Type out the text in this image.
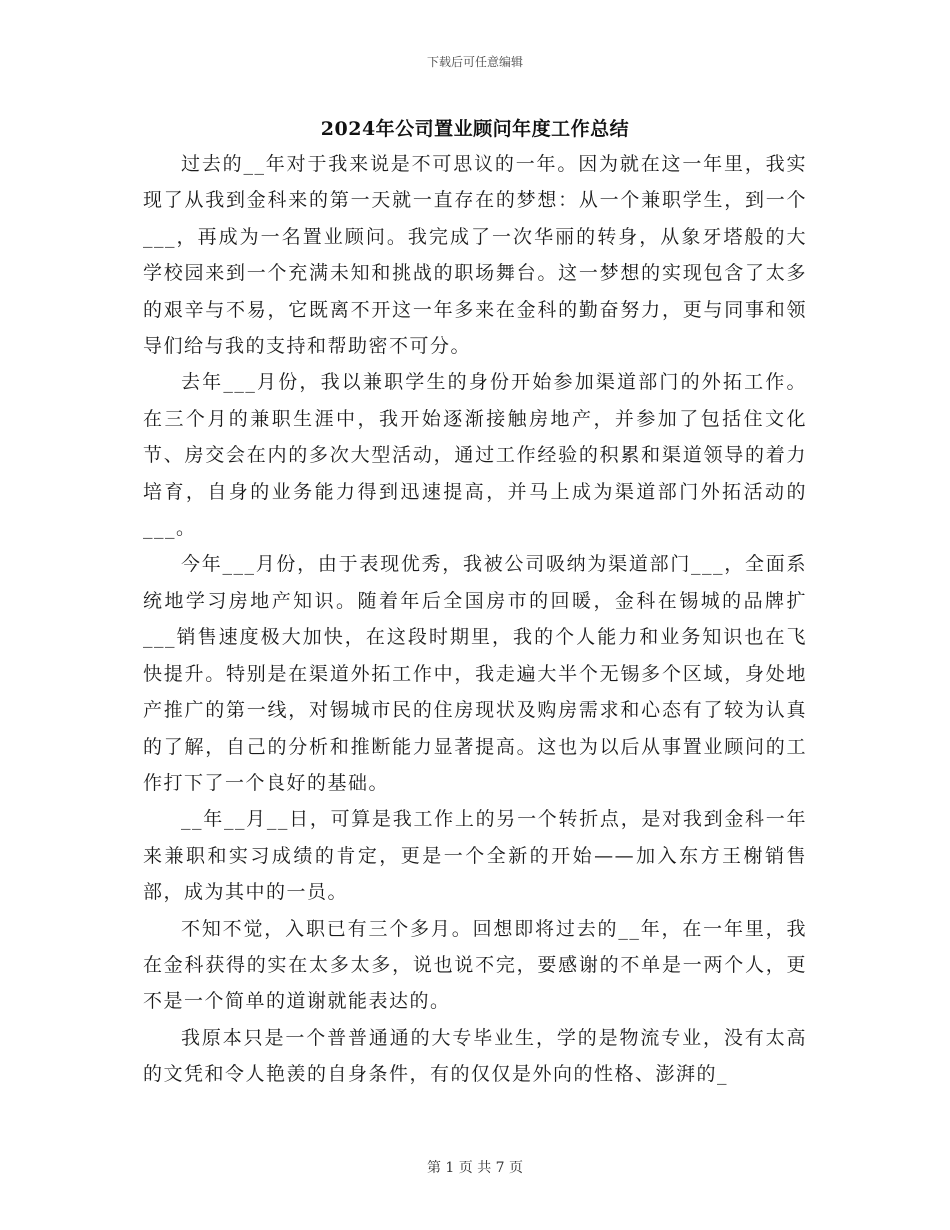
下载后可任意编辑
2024年公司置业顾问年度工作总结

过去的__年对于我来说是不可思议的一年。因为就在这一年里，我实现了从我到金科来的第一天就一直存在的梦想：从一个兼职学生，到一个___，再成为一名置业顾问。我完成了一次华丽的转身，从象牙塔般的大学校园来到一个充满未知和挑战的职场舞台。这一梦想的实现包含了太多的艰辛与不易，它既离不开这一年多来在金科的勤奋努力，更与同事和领导们给与我的支持和帮助密不可分。

去年___月份，我以兼职学生的身份开始参加渠道部门的外拓工作。在三个月的兼职生涯中，我开始逐渐接触房地产，并参加了包括住文化节、房交会在内的多次大型活动，通过工作经验的积累和渠道领导的着力培育，自身的业务能力得到迅速提高，并马上成为渠道部门外拓活动的___。

今年___月份，由于表现优秀，我被公司吸纳为渠道部门___，全面系统地学习房地产知识。随着年后全国房市的回暖，金科在锡城的品牌扩___销售速度极大加快，在这段时期里，我的个人能力和业务知识也在飞快提升。特别是在渠道外拓工作中，我走遍大半个无锡多个区域，身处地产推广的第一线，对锡城市民的住房现状及购房需求和心态有了较为认真的了解，自己的分析和推断能力显著提高。这也为以后从事置业顾问的工作打下了一个良好的基础。

__年__月__日，可算是我工作上的另一个转折点，是对我到金科一年来兼职和实习成绩的肯定，更是一个全新的开始——加入东方王榭销售部，成为其中的一员。

不知不觉，入职已有三个多月。回想即将过去的__年，在一年里，我在金科获得的实在太多太多，说也说不完，要感谢的不单是一两个人，更不是一个简单的道谢就能表达的。

我原本只是一个普普通通的大专毕业生，学的是物流专业，没有太高的文凭和令人艳羡的自身条件，有的仅仅是外向的性格、澎湃的_

第 1 页 共 7 页
